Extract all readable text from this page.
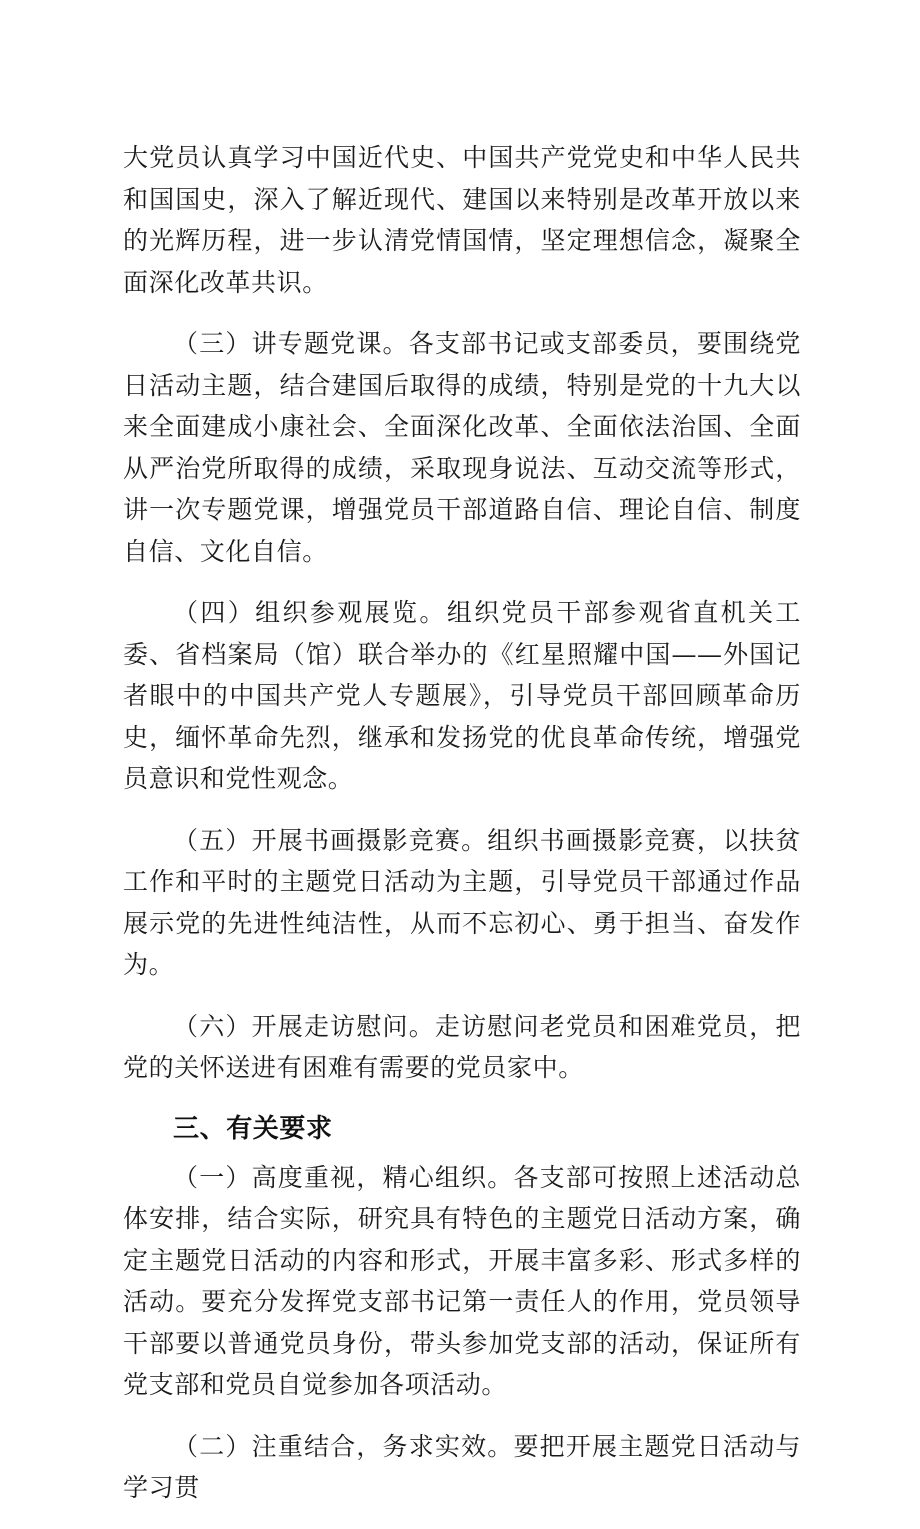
大党员认真学习中国近代史、中国共产党党史和中华人民共和国国史，深入了解近现代、建国以来特别是改革开放以来的光辉历程，进一步认清党情国情，坚定理想信念，凝聚全面深化改革共识。

（三）讲专题党课。各支部书记或支部委员，要围绕党日活动主题，结合建国后取得的成绩，特别是党的十九大以来全面建成小康社会、全面深化改革、全面依法治国、全面从严治党所取得的成绩，采取现身说法、互动交流等形式，讲一次专题党课，增强党员干部道路自信、理论自信、制度自信、文化自信。

（四）组织参观展览。组织党员干部参观省直机关工委、省档案局（馆）联合举办的《红星照耀中国——外国记者眼中的中国共产党人专题展》，引导党员干部回顾革命历史，缅怀革命先烈，继承和发扬党的优良革命传统，增强党员意识和党性观念。

（五）开展书画摄影竞赛。组织书画摄影竞赛，以扶贫工作和平时的主题党日活动为主题，引导党员干部通过作品展示党的先进性纯洁性，从而不忘初心、勇于担当、奋发作为。

（六）开展走访慰问。走访慰问老党员和困难党员，把党的关怀送进有困难有需要的党员家中。

三、有关要求

（一）高度重视，精心组织。各支部可按照上述活动总体安排，结合实际，研究具有特色的主题党日活动方案，确定主题党日活动的内容和形式，开展丰富多彩、形式多样的活动。要充分发挥党支部书记第一责任人的作用，党员领导干部要以普通党员身份，带头参加党支部的活动，保证所有党支部和党员自觉参加各项活动。

（二）注重结合，务求实效。要把开展主题党日活动与学习贯
